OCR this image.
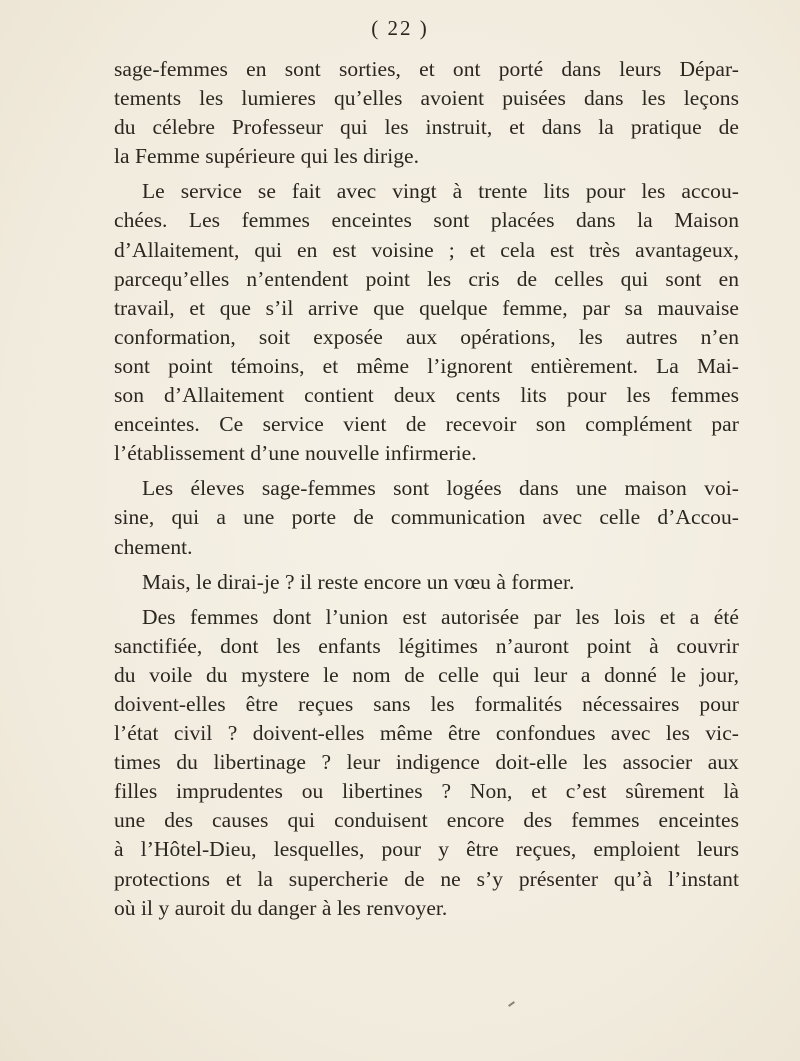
( 22 )
sage-femmes en sont sorties, et ont porté dans leurs Dépar-
tements les lumieres qu’elles avoient puisées dans les leçons
du célebre Professeur qui les instruit, et dans la pratique de
la Femme supérieure qui les dirige.
Le service se fait avec vingt à trente lits pour les accou-
chées. Les femmes enceintes sont placées dans la Maison
d’Allaitement, qui en est voisine ; et cela est très avantageux,
parcequ’elles n’entendent point les cris de celles qui sont en
travail, et que s’il arrive que quelque femme, par sa mauvaise
conformation, soit exposée aux opérations, les autres n’en
sont point témoins, et même l’ignorent entièrement. La Mai-
son d’Allaitement contient deux cents lits pour les femmes
enceintes. Ce service vient de recevoir son complément par
l’établissement d’une nouvelle infirmerie.
Les éleves sage-femmes sont logées dans une maison voi-
sine, qui a une porte de communication avec celle d’Accou-
chement.
Mais, le dirai-je ? il reste encore un vœu à former.
Des femmes dont l’union est autorisée par les lois et a été
sanctifiée, dont les enfants légitimes n’auront point à couvrir
du voile du mystere le nom de celle qui leur a donné le jour,
doivent-elles être reçues sans les formalités nécessaires pour
l’état civil ? doivent-elles même être confondues avec les vic-
times du libertinage ? leur indigence doit-elle les associer aux
filles imprudentes ou libertines ? Non, et c’est sûrement là
une des causes qui conduisent encore des femmes enceintes
à l’Hôtel-Dieu, lesquelles, pour y être reçues, emploient leurs
protections et la supercherie de ne s’y présenter qu’à l’instant
où il y auroit du danger à les renvoyer.
